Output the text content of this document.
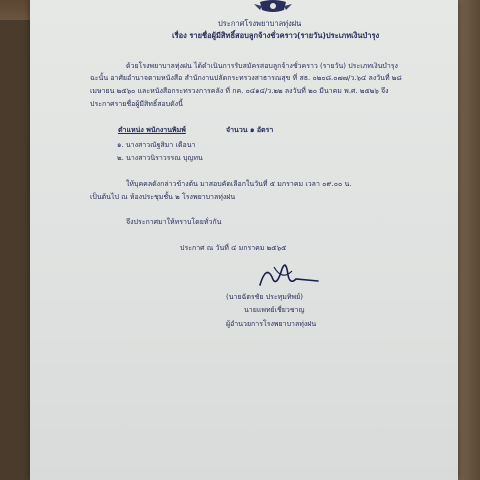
ประกาศโรงพยาบาลทุ่งฝน
เรื่อง รายชื่อผู้มีสิทธิ์สอบลูกจ้างชั่วคราว(รายวัน)ประเภทเงินบำรุง
ด้วยโรงพยาบาลทุ่งฝน ได้ดำเนินการรับสมัครสอบลูกจ้างชั่วคราว (รายวัน) ประเภทเงินบำรุง
ฉะนั้น อาศัยอำนาจตามหนังสือ สำนักงานปลัดกระทรวงสาธารณสุข ที่ สธ. ๐๒๐๘.๐๗๗/ว.๖๔ ลงวันที่ ๒๘
เมษายน ๒๕๖๐ และหนังสือกระทรวงการคลัง ที่ กค. ๐๔๑๔/ว.๒๒ ลงวันที่ ๒๐ มีนาคม พ.ศ. ๒๕๒๖ จึง
ประกาศรายชื่อผู้มีสิทธิ์สอบดังนี้
ตำแหน่ง พนักงานพิมพ์	จำนวน ๑ อัตรา
๑. นางสาวณัฐสิมา เดือนา
๒. นางสาวนิราวรรณ บุญทน
ให้บุคคลดังกล่าวข้างต้น มาสอบคัดเลือกในวันที่ ๕ มกราคม เวลา ๐๙.๐๐ น.
เป็นต้นไป ณ ห้องประชุมชั้น ๒ โรงพยาบาลทุ่งฝน
จึงประกาศมาให้ทราบโดยทั่วกัน
ประกาศ ณ วันที่ ๔ มกราคม ๒๕๖๕
(นายฉัตรชัย ประทุมทิพย์)
นายแพทย์เชี่ยวชาญ
ผู้อำนวยการโรงพยาบาลทุ่งฝน
